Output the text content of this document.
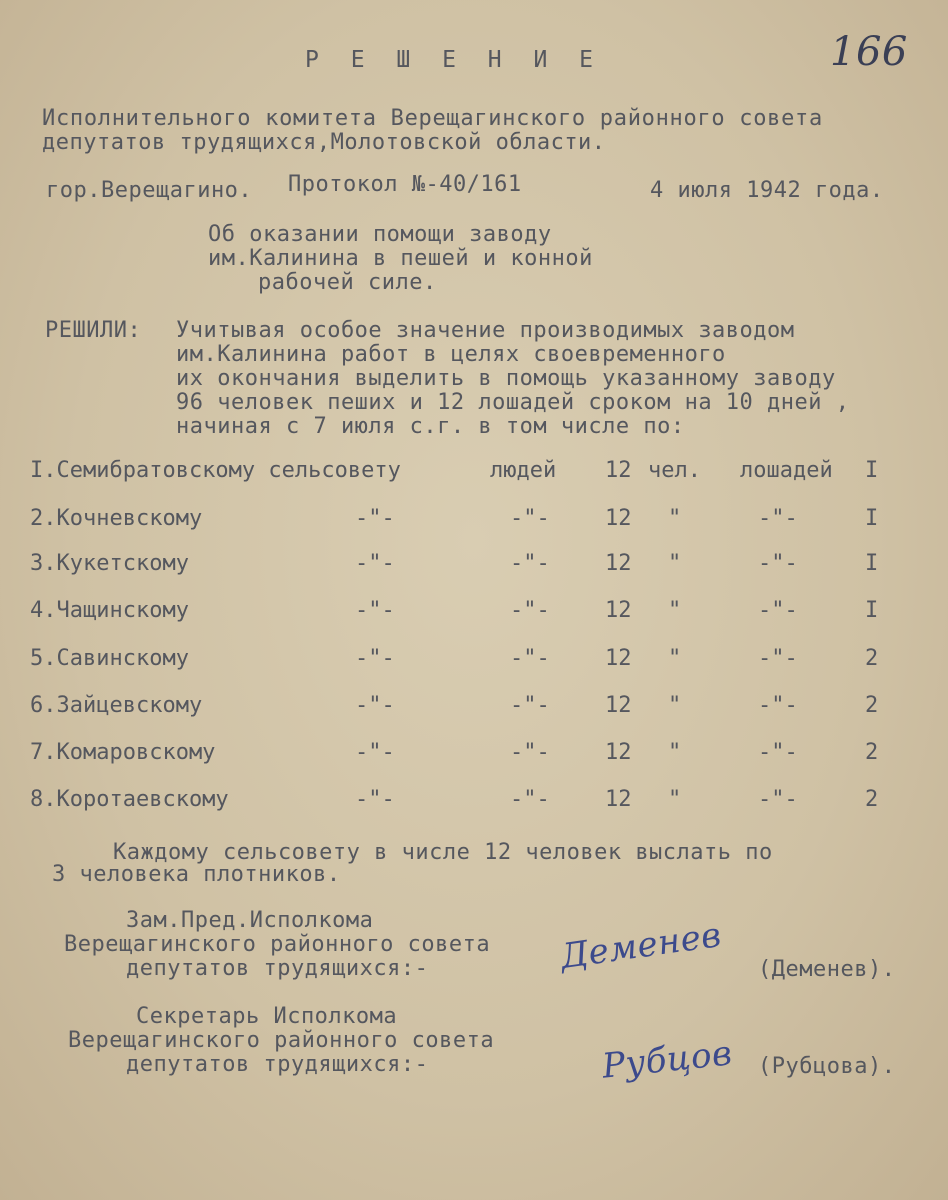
166
Р Е Ш Е Н И Е
Исполнительного комитета Верещагинского районного совета
депутатов трудящихся,Молотовской области.
гор.Верещагино. Протокол №-40/161	4 июля 1942 года.
Об оказании помощи заводу
им.Калинина в пешей и конной
рабочей силе.
РЕШИЛИ: Учитывая особое значение производимых заводом
им.Калинина работ в целях своевременного
их окончания выделить в помощь указанному заводу
96 человек пеших и 12 лошадей сроком на 10 дней ,
начиная с 7 июля с.г. в том числе по:
I.Семибратовскому сельсовету	людей 12 чел. лошадей I
2.Кочневскому	-"-	-"-	12 "	-"-	I
3.Кукетскому	-"-	-"-	12 "	-"-	I
4.Чащинскому	-"-	-"-	12 "	-"-	I
5.Савинскому	-"-	-"-	12 "	-"-	2
6.Зайцевскому	-"-	-"-	12 "	-"-	2
7.Комаровскому	-"-	-"-	12 "	-"-	2
8.Коротаевскому	-"-	-"-	12 "	-"-	2
Каждому сельсовету в числе 12 человек выслать по
3 человека плотников.
Зам.Пред.Исполкома
Верещагинского районного совета
депутатов трудящихся:-	Деменев (Деменев).
Секретарь Исполкома
Верещагинского районного совета
депутатов трудящихся:-	Рубцов (Рубцова).
